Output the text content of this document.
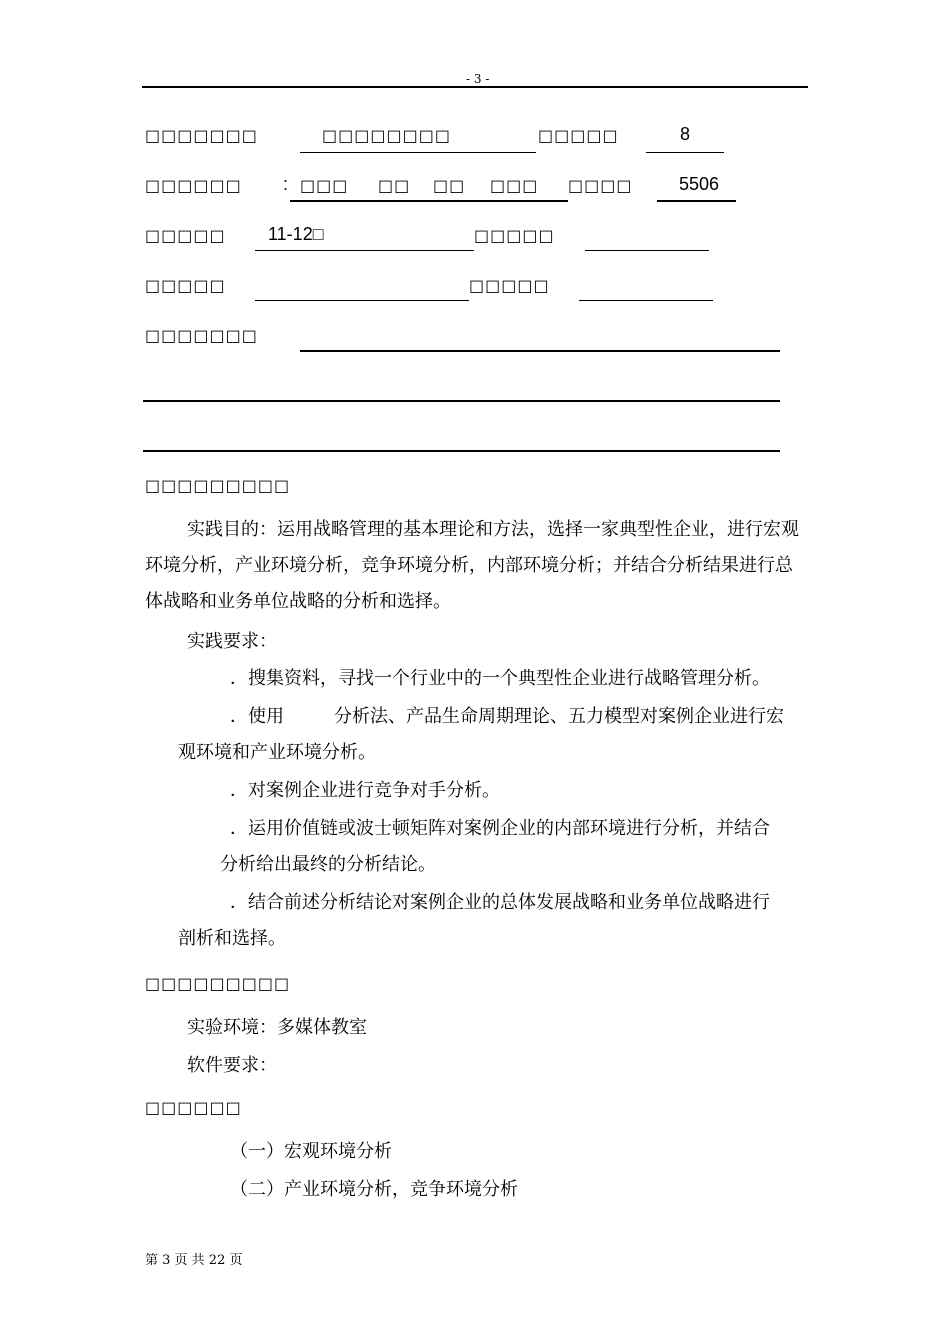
- 3 -
□□□□□□□	□□□□□□□□	□□□□□	8
□□□□□□ : □□□ □□ □□ □□□ □□□□	5506
□□□□□ 11-12□	□□□□□
□□□□□	□□□□□
□□□□□□□
□□□□□□□□□
实践目的：运用战略管理的基本理论和方法，选择一家典型性企业，进行宏观环境分析，产业环境分析，竞争环境分析，内部环境分析；并结合分析结果进行总体战略和业务单位战略的分析和选择。
实践要求：
．搜集资料，寻找一个行业中的一个典型性企业进行战略管理分析。
．使用	分析法、产品生命周期理论、五力模型对案例企业进行宏
观环境和产业环境分析。
．对案例企业进行竞争对手分析。
．运用价值链或波士顿矩阵对案例企业的内部环境进行分析，并结合
分析给出最终的分析结论。
．结合前述分析结论对案例企业的总体发展战略和业务单位战略进行
剖析和选择。
□□□□□□□□□
实验环境：多媒体教室
软件要求：
□□□□□□
（一）宏观环境分析
（二）产业环境分析，竞争环境分析
第 3 页 共 22 页
